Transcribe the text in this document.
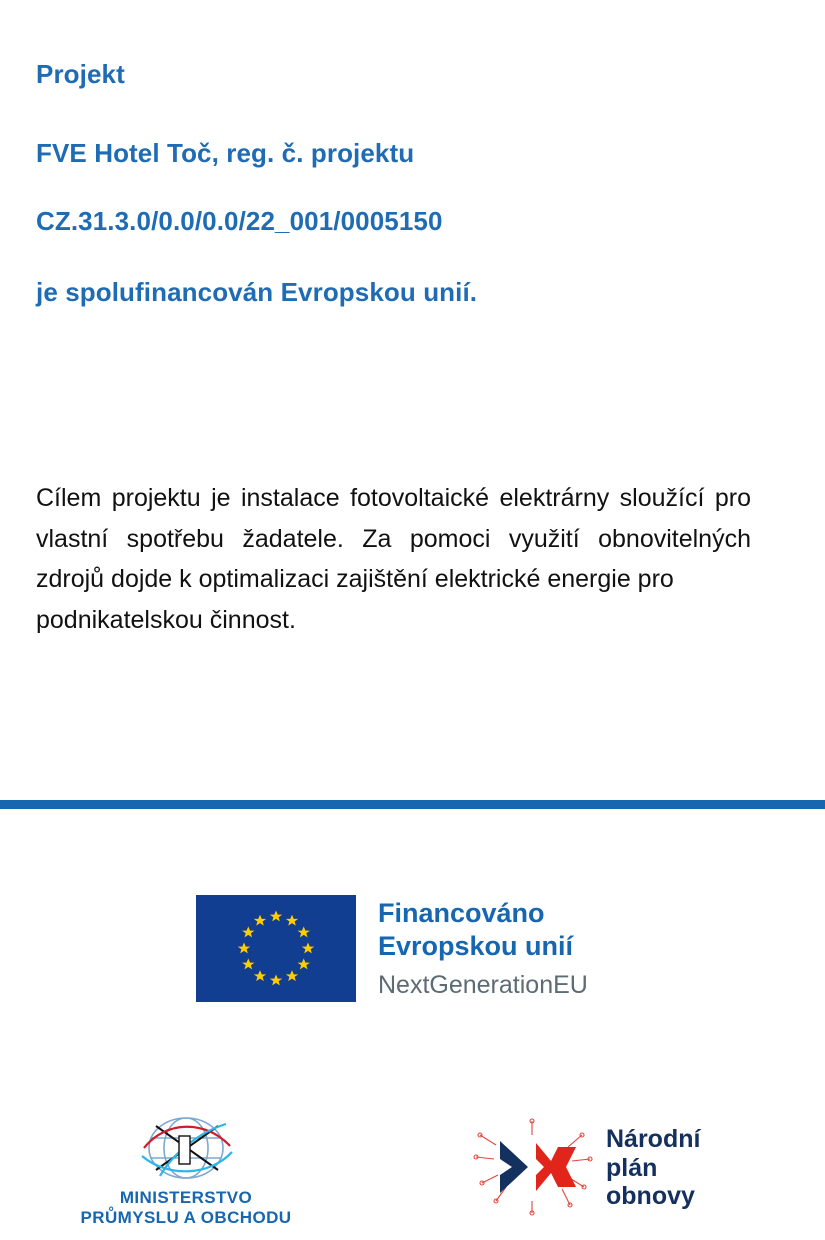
Projekt

FVE Hotel Toč, reg. č. projektu

CZ.31.3.0/0.0/0.0/22_001/0005150

je spolufinancován Evropskou unií.

Cílem projektu je instalace fotovoltaické elektrárny sloužící pro vlastní spotřebu žadatele. Za pomoci využití obnovitelných zdrojů dojde k optimalizaci zajištění elektrické energie pro
podnikatelskou činnost.
Financováno
Evropskou unií
NextGenerationEU
MINISTERSTVO
PRŮMYSLU A OBCHODU
Národní
plán
obnovy
